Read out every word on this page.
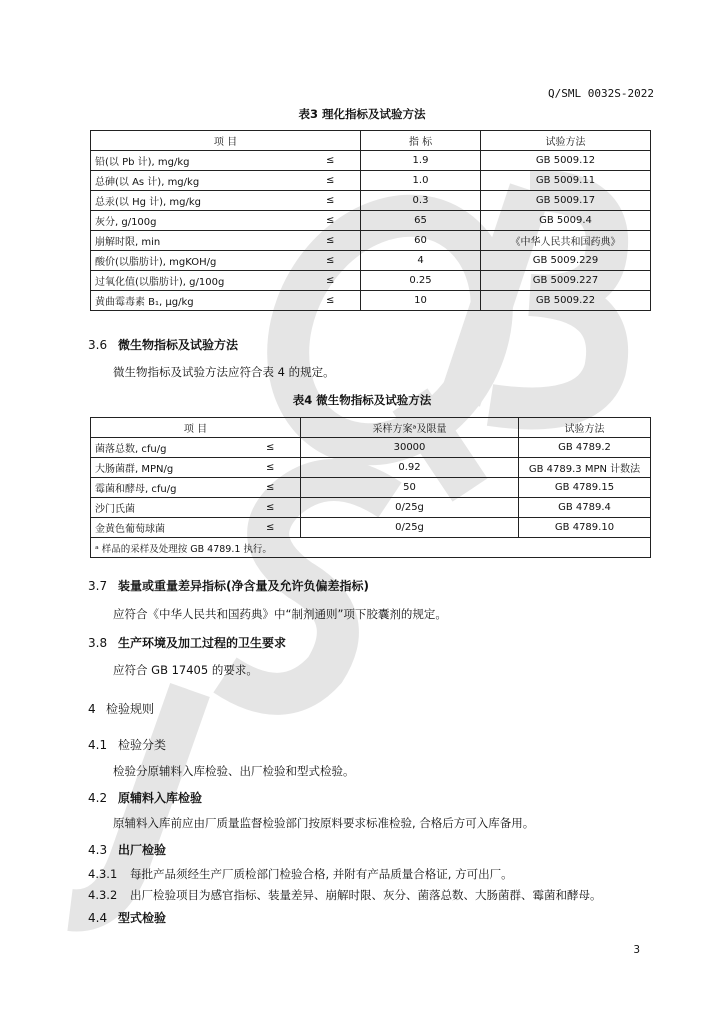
Q/SML 0032S-2022
表3 理化指标及试验方法
项 目		指 标	试验方法
铅(以 Pb 计), mg/kg	≤	1.9	GB 5009.12
总砷(以 As 计), mg/kg	≤	1.0	GB 5009.11
总汞(以 Hg 计), mg/kg	≤	0.3	GB 5009.17
灰分, g/100g	≤	65	GB 5009.4
崩解时限, min	≤	60	《中华人民共和国药典》
酸价(以脂肪计), mgKOH/g	≤	4	GB 5009.229
过氧化值(以脂肪计), g/100g	≤	0.25	GB 5009.227
黄曲霉毒素 B₁, μg/kg	≤	10	GB 5009.22
3.6 微生物指标及试验方法
微生物指标及试验方法应符合表 4 的规定。
表4 微生物指标及试验方法
项 目		采样方案ᵃ及限量	试验方法
菌落总数, cfu/g	≤	30000	GB 4789.2
大肠菌群, MPN/g	≤	0.92	GB 4789.3 MPN 计数法
霉菌和酵母, cfu/g	≤	50	GB 4789.15
沙门氏菌	≤	0/25g	GB 4789.4
金黄色葡萄球菌	≤	0/25g	GB 4789.10
ᵃ 样品的采样及处理按 GB 4789.1 执行。			
3.7 装量或重量差异指标(净含量及允许负偏差指标)
应符合《中华人民共和国药典》中“制剂通则”项下胶囊剂的规定。
3.8 生产环境及加工过程的卫生要求
应符合 GB 17405 的要求。
4 检验规则
4.1 检验分类
检验分原辅料入库检验、出厂检验和型式检验。
4.2 原辅料入库检验
原辅料入库前应由厂质量监督检验部门按原料要求标准检验, 合格后方可入库备用。
4.3 出厂检验
4.3.1 每批产品须经生产厂质检部门检验合格, 并附有产品质量合格证, 方可出厂。
4.3.2 出厂检验项目为感官指标、装量差异、崩解时限、灰分、菌落总数、大肠菌群、霉菌和酵母。
4.4 型式检验
3
